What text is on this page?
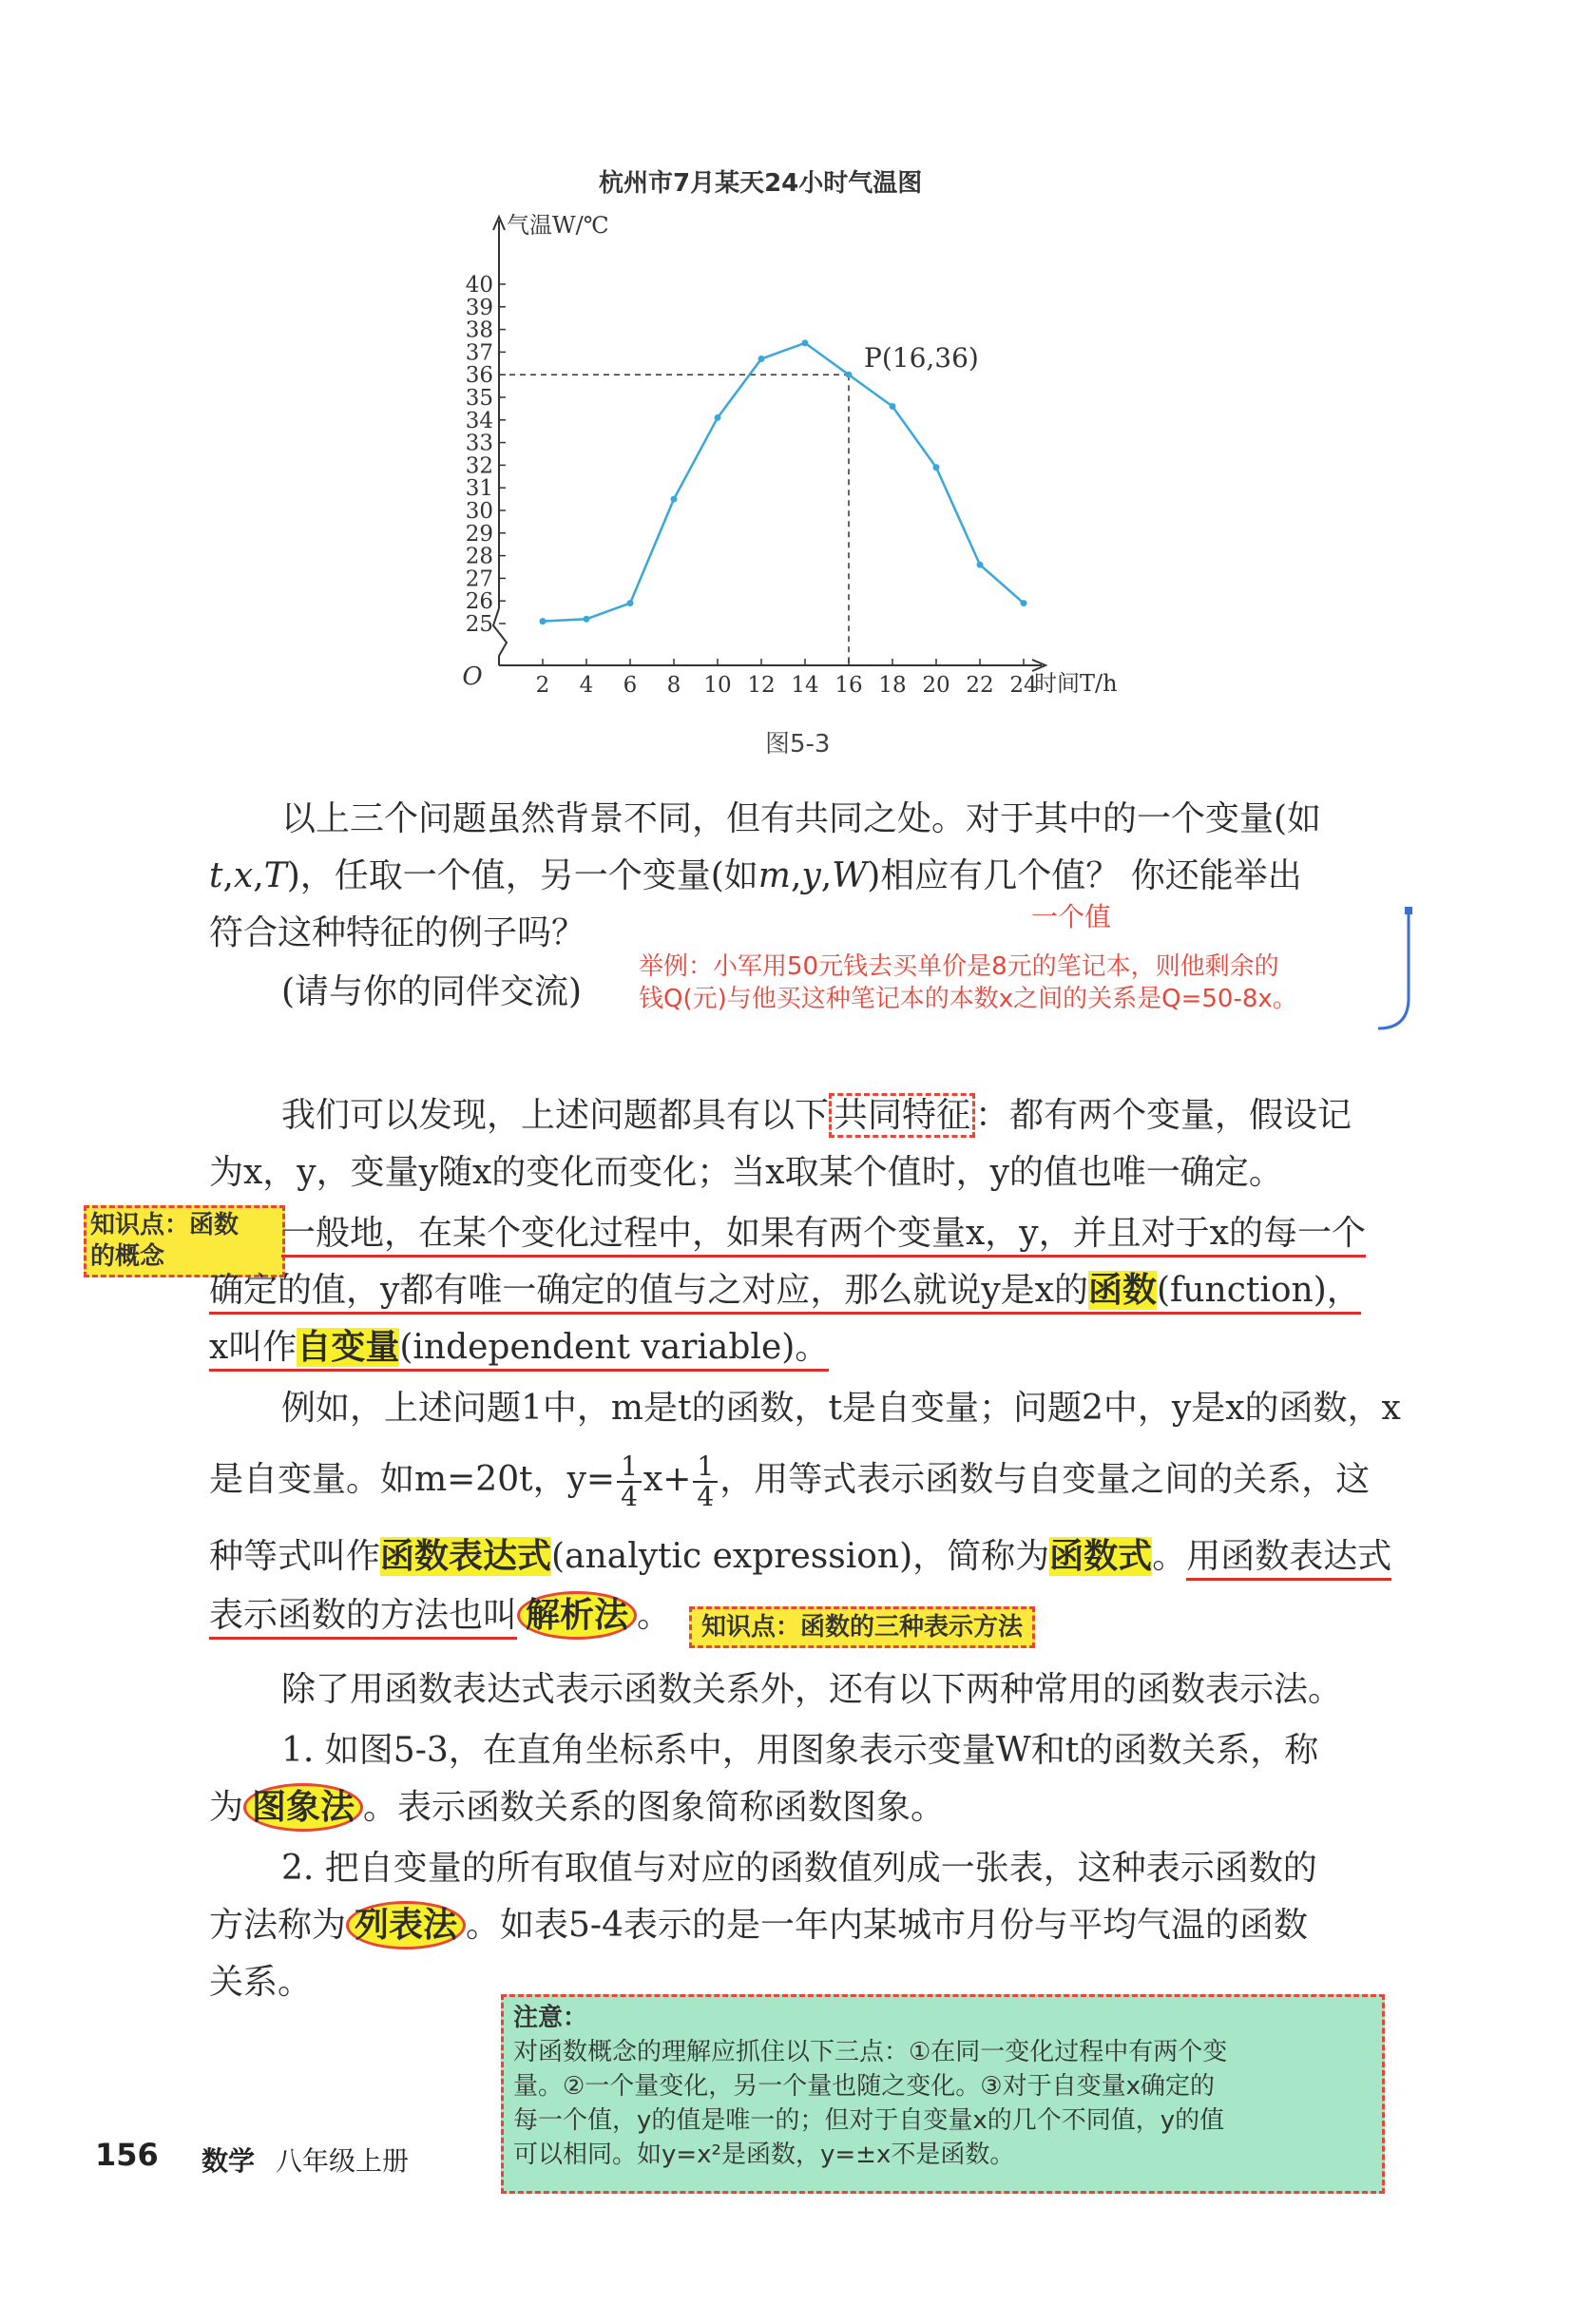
杭州市7月某天24小时气温图
气温W/℃
时间T/h
O
25
26
27
28
29
30
31
32
33
34
35
36
37
38
39
40
2 4 6 8 10 12 14 16 18 20 22 24
P(16,36)
图5-3
以上三个问题虽然背景不同，但有共同之处。对于其中的一个变量(如
t,x,T)，任取一个值，另一个变量(如m,y,W)相应有几个值？ 你还能举出
符合这种特征的例子吗？
(请与你的同伴交流)
一个值
举例：小军用50元钱去买单价是8元的笔记本，则他剩余的
钱Q(元)与他买这种笔记本的本数x之间的关系是Q=50-8x。
我们可以发现，上述问题都具有以下 共同特征 ：都有两个变量，假设记
为x，y，变量y随x的变化而变化；当x取某个值时，y的值也唯一确定。
知识点：函数
的概念
一般地，在某个变化过程中，如果有两个变量x，y，并且对于x的每一个
确定的值，y都有唯一确定的值与之对应，那么就说y是x的函数(function)，
x叫作自变量(independent variable)。
例如，上述问题1中，m是t的函数，t是自变量；问题2中，y是x的函数，x
是自变量。如m=20t，$y= \frac{1}{4} x+ \frac{1}{4}$ ，用等式表示函数与自变量之间的关系，这
种等式叫作函数表达式(analytic expression)，简称为函数式。用函数表达式
表示函数的方法也叫 解析法 。	知识点：函数的三种表示方法
除了用函数表达式表示函数关系外，还有以下两种常用的函数表示法。
1. 如图5-3，在直角坐标系中，用图象表示变量W和t的函数关系，称
为 图象法 。表示函数关系的图象简称函数图象。
2. 把自变量的所有取值与对应的函数值列成一张表，这种表示函数的
方法称为 列表法 。如表5-4表示的是一年内某城市月份与平均气温的函数
关系。
注意：
对函数概念的理解应抓住以下三点：①在同一变化过程中有两个变
量。②一个量变化，另一个量也随之变化。③对于自变量x确定的
每一个值，y的值是唯一的；但对于自变量x的几个不同值，y的值
可以相同。如y=x²是函数，y=±x不是函数。
156 数学 八年级上册
